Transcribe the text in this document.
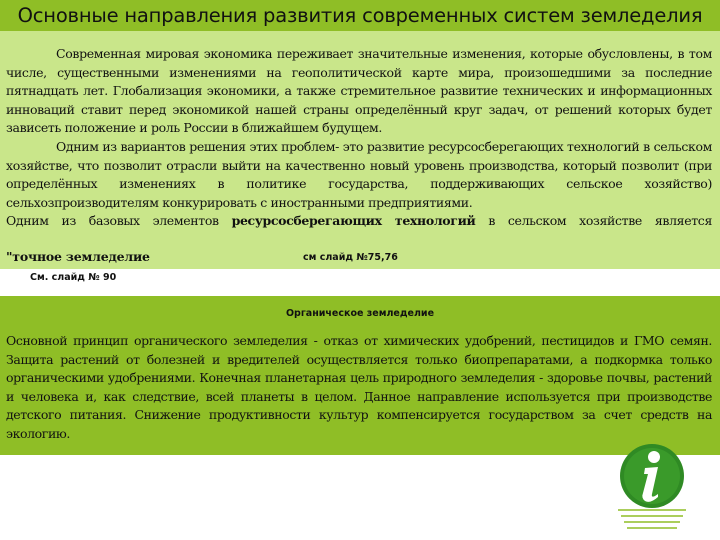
Основные направления развития современных систем земледелия

Современная мировая экономика переживает значительные изменения, которые обусловлены, в том числе, существенными изменениями на геополитической карте мира, произошедшими за последние пятнадцать лет. Глобализация экономики, а также стремительное развитие технических и информационных инноваций ставит перед экономикой нашей страны определённый круг задач, от решений которых будет зависеть положение и роль России в ближайшем будущем.

Одним из вариантов решения этих проблем- это развитие ресурсосберегающих технологий в сельском хозяйстве, что позволит отрасли выйти на качественно новый уровень производства, который позволит (при определённых изменениях в политике государства, поддерживающих сельское хозяйство) сельхозпроизводителям конкурировать с иностранными предприятиями.

Одним из базовых элементов ресурсосберегающих технологий в сельском хозяйстве является

"точное земледелие	см слайд №75,76
См. слайд № 90
Органическое земледелие

Основной принцип органического земледелия - отказ от химических удобрений, пестицидов и ГМО семян. Защита растений от болезней и вредителей осуществляется только биопрепаратами, а подкормка только органическими удобрениями. Конечная планетарная цель природного земледелия - здоровье почвы, растений и человека и, как следствие, всей планеты в целом. Данное направление используется при производстве детского питания. Снижение продуктивности культур компенсируется государством за счет средств на экологию.
